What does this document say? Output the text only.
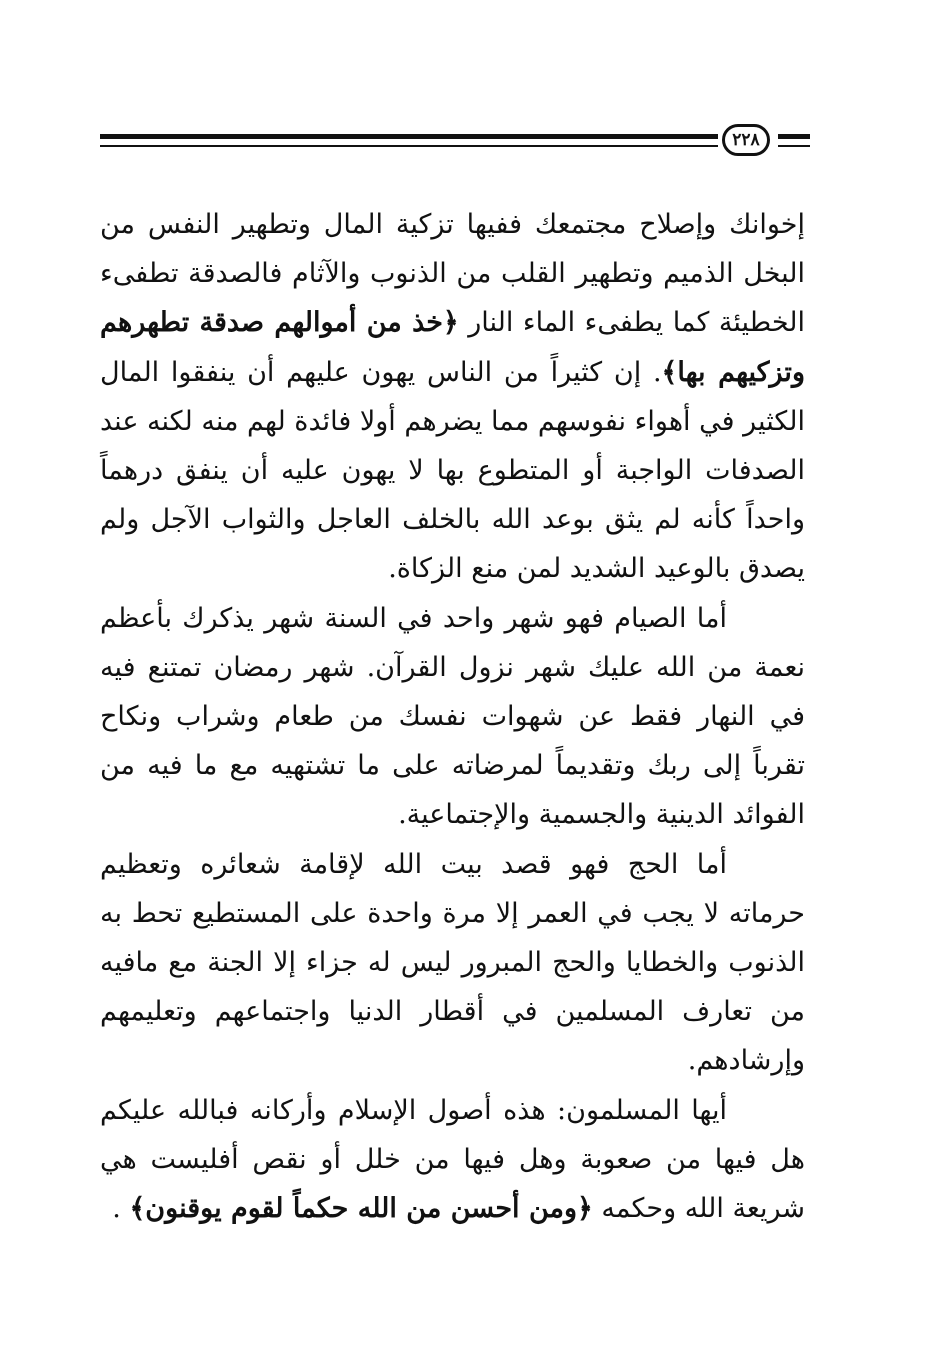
٢٢٨

إخوانك وإصلاح مجتمعك ففيها تزكية المال وتطهير النفس من البخل الذميم وتطهير القلب من الذنوب والآثام فالصدقة تطفىء الخطيئة كما يطفىء الماء النار ﴿خذ من أموالهم صدقة تطهرهم وتزكيهم بها﴾. إن كثيراً من الناس يهون عليهم أن ينفقوا المال الكثير في أهواء نفوسهم مما يضرهم أولا فائدة لهم منه لكنه عند الصدفات الواجبة أو المتطوع بها لا يهون عليه أن ينفق درهماً واحداً كأنه لم يثق بوعد الله بالخلف العاجل والثواب الآجل ولم يصدق بالوعيد الشديد لمن منع الزكاة.

أما الصيام فهو شهر واحد في السنة شهر يذكرك بأعظم نعمة من الله عليك شهر نزول القرآن. شهر رمضان تمتنع فيه في النهار فقط عن شهوات نفسك من طعام وشراب ونكاح تقرباً إلى ربك وتقديماً لمرضاته على ما تشتهيه مع ما فيه من الفوائد الدينية والجسمية والإجتماعية.

أما الحج فهو قصد بيت الله لإقامة شعائره وتعظيم حرماته لا يجب في العمر إلا مرة واحدة على المستطيع تحط به الذنوب والخطايا والحج المبرور ليس له جزاء إلا الجنة مع مافيه من تعارف المسلمين في أقطار الدنيا واجتماعهم وتعليمهم وإرشادهم.

أيها المسلمون: هذه أصول الإسلام وأركانه فبالله عليكم هل فيها من صعوبة وهل فيها من خلل أو نقص أفليست هي شريعة الله وحكمه ﴿ومن أحسن من الله حكماً لقوم يوقنون﴾ .
